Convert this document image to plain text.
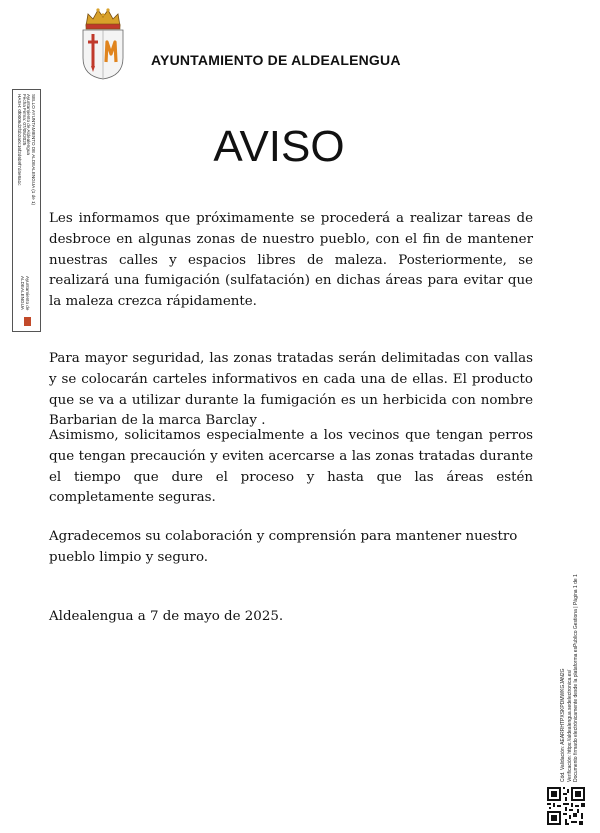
AYUNTAMIENTO DE ALDEALENGUA
AVISO
Les informamos que próximamente se procederá a realizar tareas de desbroce en algunas zonas de nuestro pueblo, con el fin de mantener nuestras calles y espacios libres de maleza. Posteriormente, se realizará una fumigación (sulfatación) en dichas áreas para evitar que la maleza crezca rápidamente.
Para mayor seguridad, las zonas tratadas serán delimitadas con vallas y se colocarán carteles informativos en cada una de ellas. El producto que se va a utilizar durante la fumigación es un herbicida con nombre Barbarian de la marca Barclay .
Asimismo, solicitamos especialmente a los vecinos que tengan perros que tengan precaución y eviten acercarse a las zonas tratadas durante el tiempo que dure el proceso y hasta que las áreas estén completamente seguras.
Agradecemos su colaboración y comprensión para mantener nuestro pueblo limpio y seguro.
Aldealengua a 7 de mayo de 2025.
SELLO AYUNTAMIENTO DE ALDEALENGUA (1 de 1)
Ayuntamiento de Aldealengua
Fecha Firma: 07/05/2025
HASH: 0f0006d2f1b2a0c16f2d6b9f7d4e8a1c
Ayuntamiento de
ALDEALENGUA
Cód. Validación: AEARRHTPXSKPDMWKGJAN2G Verificación: https://aldealengua.sedelectronica.es/ Documento firmado electrónicamente desde la plataforma esPublico Gestiona | Página 1 de 1
